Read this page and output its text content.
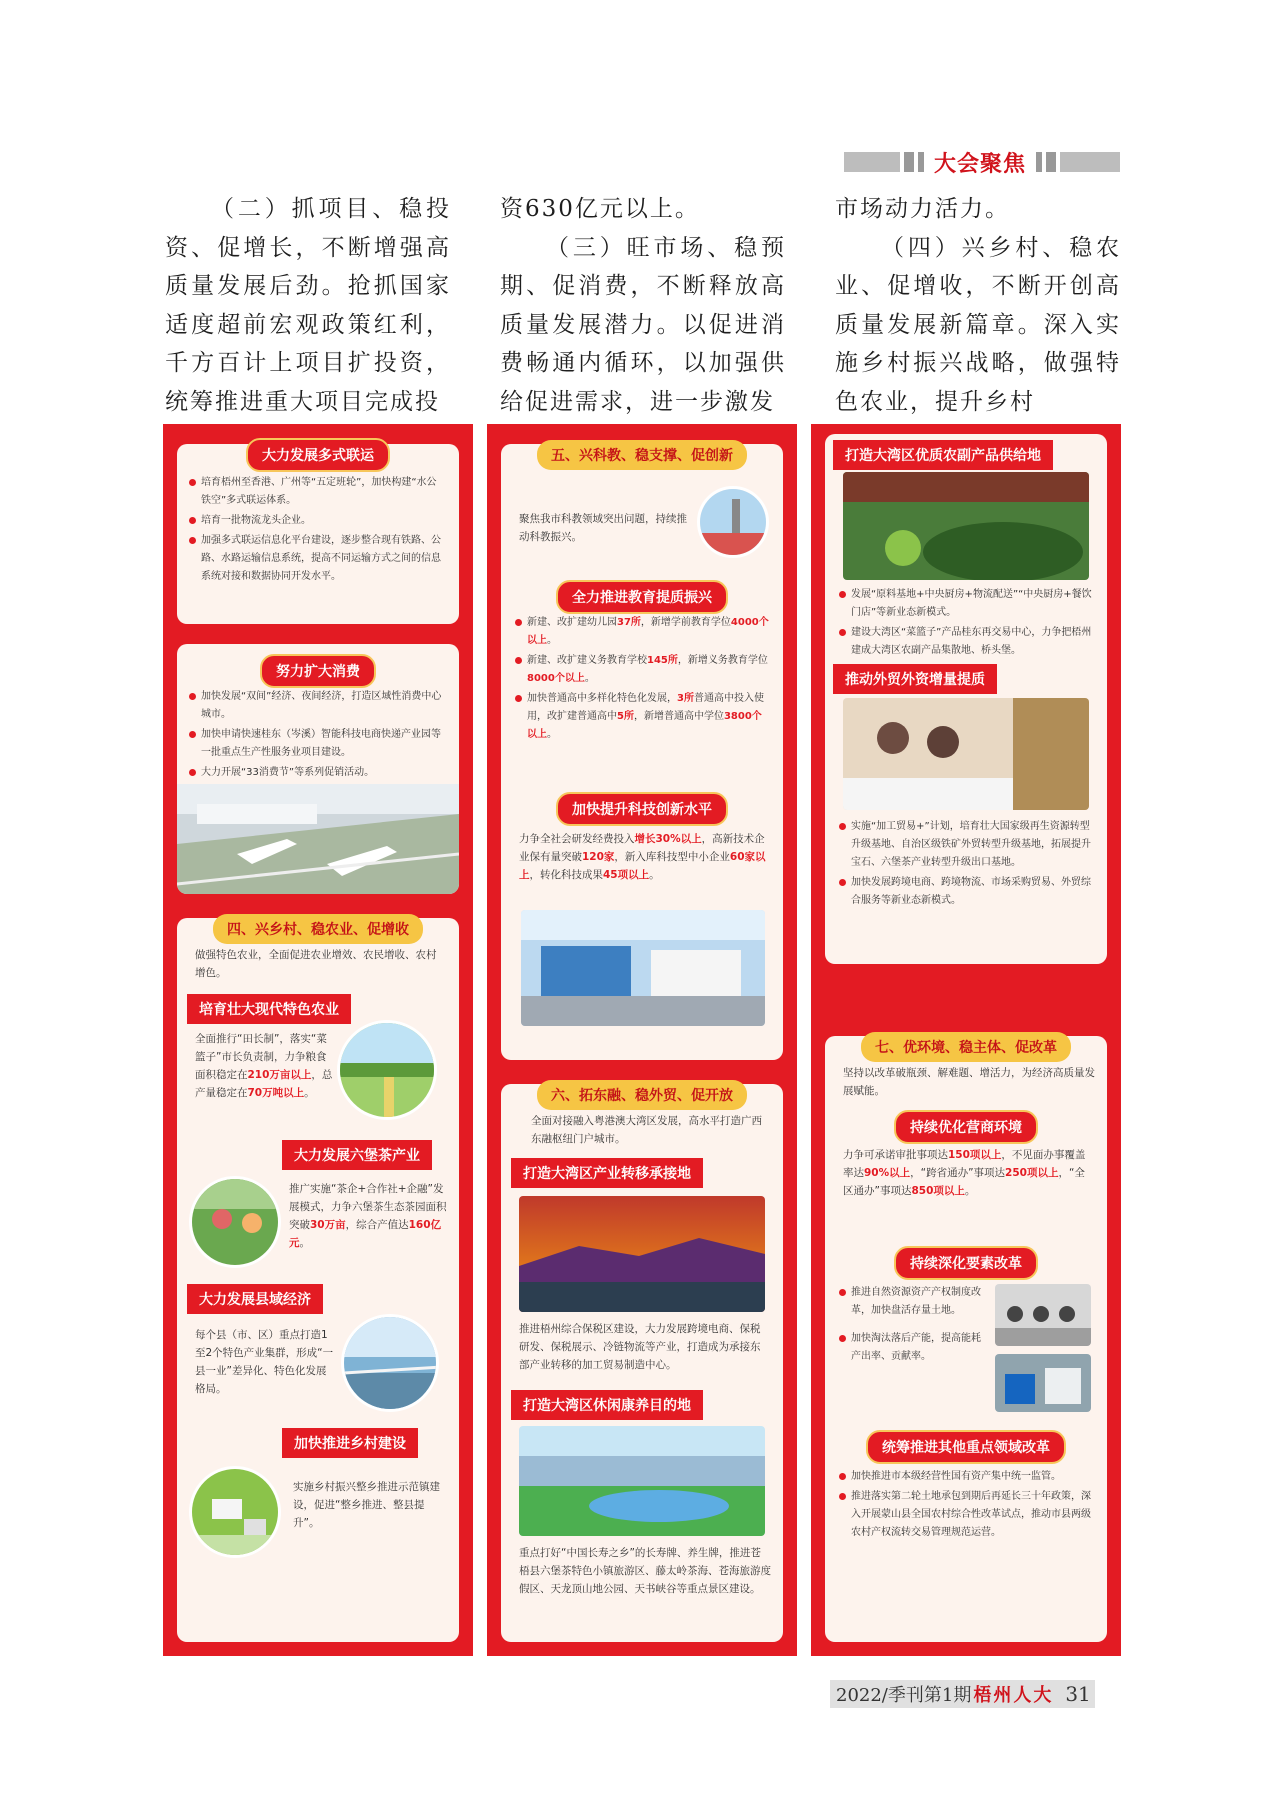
大会聚焦

（二）抓项目、稳投资、促增长，不断增强高质量发展后劲。抢抓国家适度超前宏观政策红利，千方百计上项目扩投资，统筹推进重大项目完成投

资630亿元以上。

（三）旺市场、稳预期、促消费，不断释放高质量发展潜力。以促进消费畅通内循环，以加强供给促进需求，进一步激发

市场动力活力。

（四）兴乡村、稳农业、促增收，不断开创高质量发展新篇章。深入实施乡村振兴战略，做强特色农业，提升乡村

大力发展多式联运
培育梧州至香港、广州等“五定班轮”，加快构建“水公铁空”多式联运体系。
培育一批物流龙头企业。
加强多式联运信息化平台建设，逐步整合现有铁路、公路、水路运输信息系统，提高不同运输方式之间的信息系统对接和数据协同开发水平。
努力扩大消费
加快发展“双间”经济、夜间经济，打造区域性消费中心城市。
加快申请快速桂东（岑溪）智能科技电商快递产业园等一批重点生产性服务业项目建设。
大力开展“33消费节”等系列促销活动。
四、兴乡村、稳农业、促增收
做强特色农业，全面促进农业增效、农民增收、农村增色。
培育壮大现代特色农业
全面推行“田长制”，落实“菜篮子”市长负责制，力争粮食面积稳定在210万亩以上，总产量稳定在70万吨以上。
大力发展六堡茶产业
推广实施“茶企+合作社+企融”发展模式，力争六堡茶生态茶园面积突破30万亩，综合产值达160亿元。
大力发展县域经济
每个县（市、区）重点打造1至2个特色产业集群，形成“一县一业”差异化、特色化发展格局。
加快推进乡村建设
实施乡村振兴整乡推进示范镇建设，促进“整乡推进、整县提升”。
五、兴科教、稳支撑、促创新
聚焦我市科教领域突出问题，持续推动科教振兴。
全力推进教育提质振兴
新建、改扩建幼儿园37所，新增学前教育学位4000个以上。
新建、改扩建义务教育学校145所，新增义务教育学位8000个以上。
加快普通高中多样化特色化发展，3所普通高中投入使用，改扩建普通高中5所，新增普通高中学位3800个以上。
加快提升科技创新水平
力争全社会研发经费投入增长30%以上，高新技术企业保有量突破120家，新入库科技型中小企业60家以上，转化科技成果45项以上。
六、拓东融、稳外贸、促开放
全面对接融入粤港澳大湾区发展，高水平打造广西东融枢纽门户城市。
打造大湾区产业转移承接地
推进梧州综合保税区建设，大力发展跨境电商、保税研发、保税展示、冷链物流等产业，打造成为承接东部产业转移的加工贸易制造中心。
打造大湾区休闲康养目的地
重点打好“中国长寿之乡”的长寿牌、养生牌，推进苍梧县六堡茶特色小镇旅游区、藤太岭茶海、苍海旅游度假区、天龙顶山地公园、天书峡谷等重点景区建设。
打造大湾区优质农副产品供给地
发展“原料基地+中央厨房+物流配送”“中央厨房+餐饮门店”等新业态新模式。
建设大湾区“菜篮子”产品桂东再交易中心，力争把梧州建成大湾区农副产品集散地、桥头堡。
推动外贸外资增量提质
实施“加工贸易+”计划，培育壮大国家级再生资源转型升级基地、自治区级铁矿外贸转型升级基地，拓展提升宝石、六堡茶产业转型升级出口基地。
加快发展跨境电商、跨境物流、市场采购贸易、外贸综合服务等新业态新模式。
七、优环境、稳主体、促改革
坚持以改革破瓶颈、解难题、增活力，为经济高质量发展赋能。
持续优化营商环境
力争可承诺审批事项达150项以上，不见面办事覆盖率达90%以上，“跨省通办”事项达250项以上，“全区通办”事项达850项以上。
持续深化要素改革
推进自然资源资产产权制度改革，加快盘活存量土地。
加快淘汰落后产能，提高能耗产出率、贡献率。
统筹推进其他重点领域改革
加快推进市本级经营性国有资产集中统一监管。
推进落实第二轮土地承包到期后再延长三十年政策，深入开展蒙山县全国农村综合性改革试点，推动市县两级农村产权流转交易管理规范运营。
2022/季刊第1期 梧州人大 31
